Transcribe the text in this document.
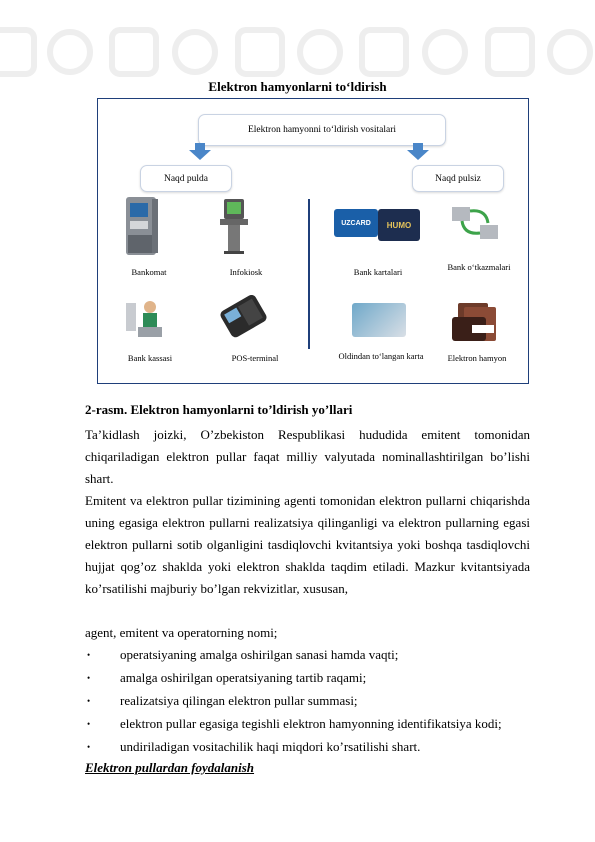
Elektron hamyonlarni to‘ldirish
Elektron hamyonni to‘ldirish vositalari
Naqd pulda	Naqd pulsiz
Bankomat	Infokiosk
UZCARD HUMO
Bank kartalari	Bank o‘tkazmalari
Bank kassasi	POS-terminal	Oldindan to‘langan karta	Elektron hamyon
2-rasm. Elektron hamyonlarni to’ldirish yo’llari
Ta’kidlash joizki, O’zbekiston Respublikasi hududida emitent tomonidan chiqariladigan elektron pullar faqat milliy valyutada nominallashtirilgan bo’lishi shart.
Emitent va elektron pullar tizimining agenti tomonidan elektron pullarni chiqarishda uning egasiga elektron pullarni realizatsiya qilinganligi va elektron pullarning egasi elektron pullarni sotib olganligini tasdiqlovchi kvitantsiya yoki boshqa tasdiqlovchi hujjat qog’oz shaklda yoki elektron shaklda taqdim etiladi. Mazkur kvitantsiyada ko’rsatilishi majburiy bo’lgan rekvizitlar, xususan,
agent, emitent va operatorning nomi;
• operatsiyaning amalga oshirilgan sanasi hamda vaqti;
• amalga oshirilgan operatsiyaning tartib raqami;
• realizatsiya qilingan elektron pullar summasi;
• elektron pullar egasiga tegishli elektron hamyonning identifikatsiya kodi;
• undiriladigan vositachilik haqi miqdori ko’rsatilishi shart.
Elektron pullardan foydalanish
